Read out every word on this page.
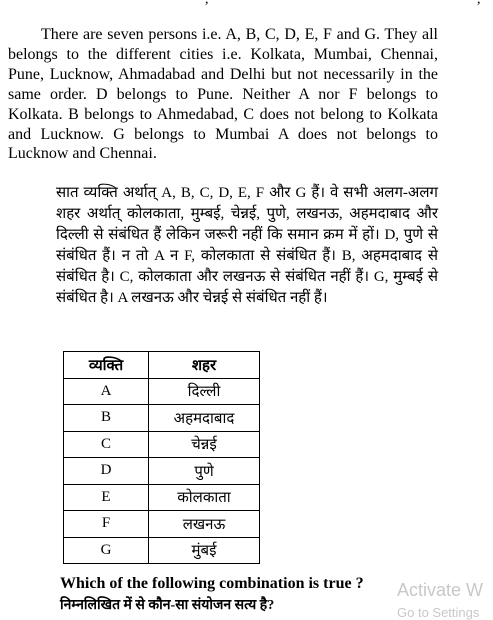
There are seven persons i.e. A, B, C, D, E, F and G. They all belongs to the different cities i.e. Kolkata, Mumbai, Chennai, Pune, Lucknow, Ahmadabad and Delhi but not necessarily in the same order. D belongs to Pune. Neither A nor F belongs to Kolkata. B belongs to Ahmedabad, C does not belong to Kolkata and Lucknow. G belongs to Mumbai A does not belongs to Lucknow and Chennai.

सात व्यक्ति अर्थात् A, B, C, D, E, F और G हैं। वे सभी अलग-अलग शहर अर्थात् कोलकाता, मुम्बई, चेन्नई, पुणे, लखनऊ, अहमदाबाद और दिल्ली से संबंधित हैं लेकिन जरूरी नहीं कि समान क्रम में हों। D, पुणे से संबंधित हैं। न तो A न F, कोलकाता से संबंधित हैं। B, अहमदाबाद से संबंधित है। C, कोलकाता और लखनऊ से संबंधित नहीं हैं। G, मुम्बई से संबंधित है। A लखनऊ और चेन्नई से संबंधित नहीं हैं।

व्यक्ति	शहर
A	दिल्ली
B	अहमदाबाद
C	चेन्नई
D	पुणे
E	कोलकाता
F	लखनऊ
G	मुंबई
Which of the following combination is true ?
निम्नलिखित में से कौन-सा संयोजन सत्य है?
Activate W
Go to Settings
